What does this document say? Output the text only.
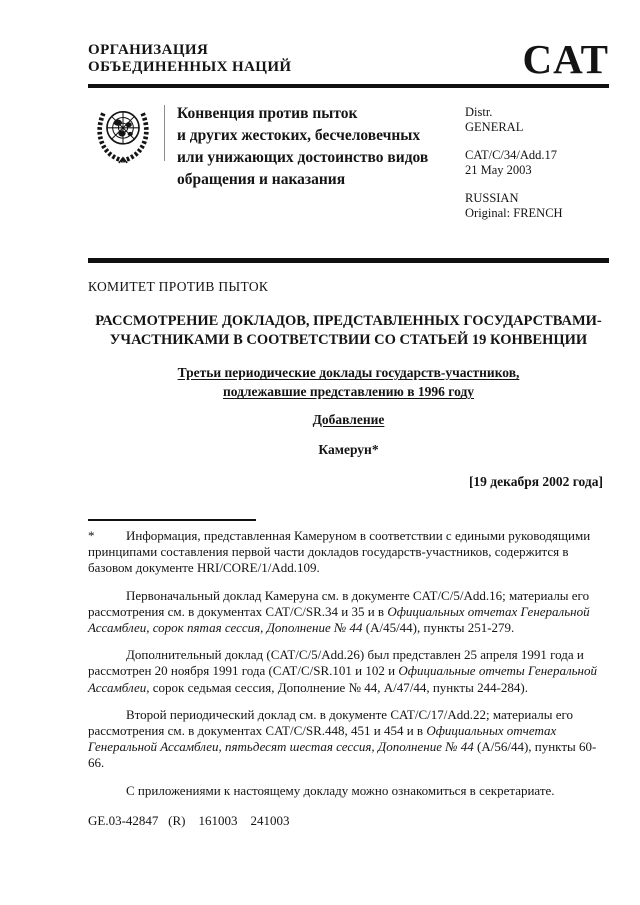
ОРГАНИЗАЦИЯ
ОБЪЕДИНЕННЫХ НАЦИЙ	CAT
Конвенция против пыток
и других жестоких, бесчеловечных
или унижающих достоинство видов
обращения и наказания
Distr.
GENERAL
CAT/C/34/Add.17
21 May 2003
RUSSIAN
Original: FRENCH
КОМИТЕТ ПРОТИВ ПЫТОК
РАССМОТРЕНИЕ ДОКЛАДОВ, ПРЕДСТАВЛЕННЫХ ГОСУДАРСТВАМИ-
УЧАСТНИКАМИ В СООТВЕТСТВИИ СО СТАТЬЕЙ 19 КОНВЕНЦИИ
Третьи периодические доклады государств-участников,
подлежавшие представлению в 1996 году
Добавление
Камерун*
[19 декабря 2002 года]

* Информация, представленная Камеруном в соответствии с едиными руководящими принципами составления первой части докладов государств-участников, содержится в базовом документе HRI/CORE/1/Add.109.

Первоначальный доклад Камеруна см. в документе CAT/C/5/Add.16; материалы его рассмотрения см. в документах CAT/C/SR.34 и 35 и в Официальных отчетах Генеральной Ассамблеи, сорок пятая сессия, Дополнение № 44 (A/45/44), пункты 251-279.

Дополнительный доклад (CAT/C/5/Add.26) был представлен 25 апреля 1991 года и рассмотрен 20 ноября 1991 года (CAT/C/SR.101 и 102 и Официальные отчеты Генеральной Ассамблеи, сорок седьмая сессия, Дополнение № 44, A/47/44, пункты 244-284).

Второй периодический доклад см. в документе CAT/C/17/Add.22; материалы его рассмотрения см. в документах CAT/C/SR.448, 451 и 454 и в Официальных отчетах Генеральной Ассамблеи, пятьдесят шестая сессия, Дополнение № 44 (A/56/44), пункты 60-66.

С приложениями к настоящему докладу можно ознакомиться в секретариате.

GE.03-42847   (R)    161003    241003
